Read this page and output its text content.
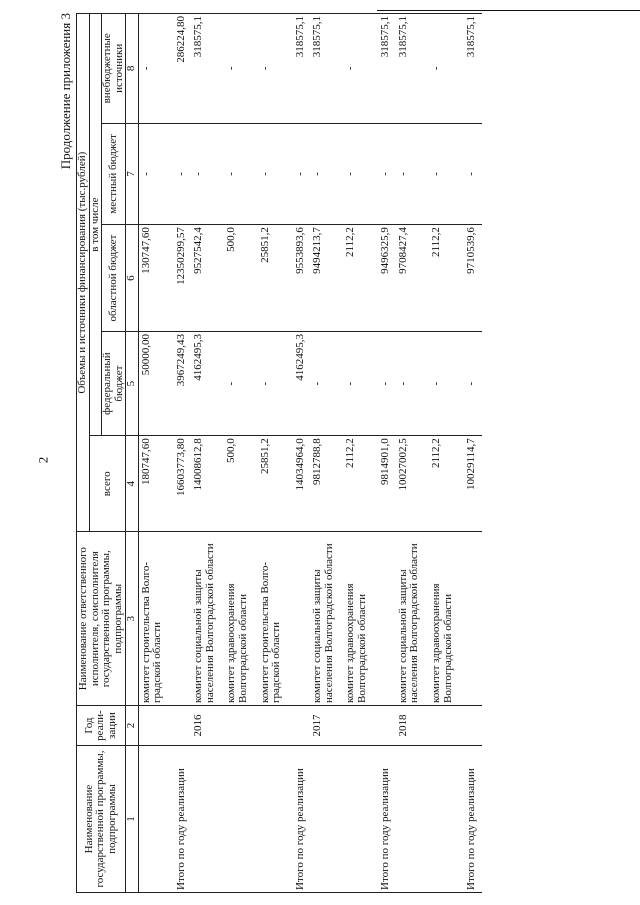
2
Продолжение приложения 3
Наименование государственной программы, подпрограммы	Год реали-зации	Наименование ответственного исполнителя, соисполнителя государственной программы, подпрограммы	Объемы и источники финансирования (тыс.рублей)				
			всего	в том числе			
				федеральный бюджет	областной бюджет	местный бюджет	внебюджетные источники
1	2	3	4	5	6	7	8
		комитет строительства Волго-градской области	180747,60	50000,00	130747,60	-	-
Итого по году реализации			16603773,80	3967249,43	12350299,57	-	286224,80
	2016	комитет социальной защиты населения Волгоградской области	14008612,8	4162495,3	9527542,4	-	318575,1
		комитет здравоохранения Волгоградской области	500,0	-	500,0	-	-
		комитет строительства Волго-градской области	25851,2	-	25851,2	-	-
Итого по году реализации			14034964,0	4162495,3	9553893,6	-	318575,1
	2017	комитет социальной защиты населения Волгоградской области	9812788,8	-	9494213,7	-	318575,1
		комитет здравоохранения Волгоградской области	2112,2	-	2112,2	-	-
Итого по году реализации			9814901,0	-	9496325,9	-	318575,1
	2018	комитет социальной защиты населения Волгоградской области	10027002,5	-	9708427,4	-	318575,1
		комитет здравоохранения Волгоградской области	2112,2	-	2112,2	-	-
Итого по году реализации			10029114,7	-	9710539,6	-	318575,1
